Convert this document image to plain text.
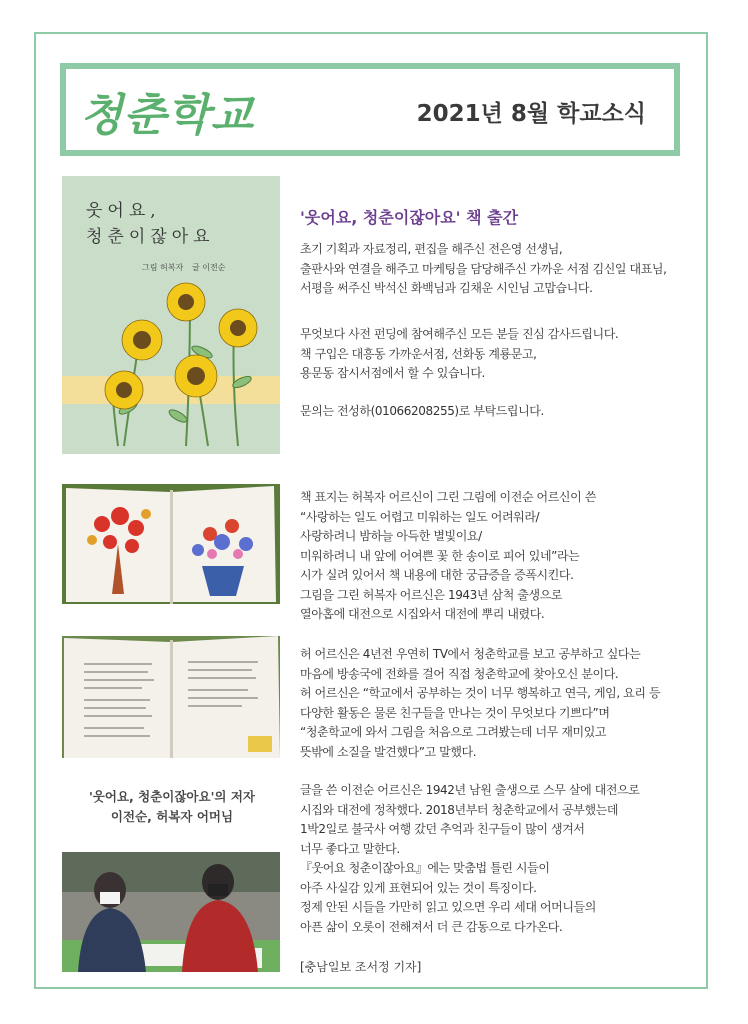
청춘학교	2021년 8월 학교소식
웃어요,
청춘이잖아요
그림 허복자 글 이전순
'웃어요, 청춘이잖아요'의 저자
이전순, 허복자 어머님
'웃어요, 청춘이잖아요' 책 출간
초기 기획과 자료정리, 편집을 해주신 전은영 선생님,
출판사와 연결을 해주고 마케팅을 담당해주신 가까운 서점 김신일 대표님,
서평을 써주신 박석신 화백님과 김채운 시인님 고맙습니다.
무엇보다 사전 펀딩에 참여해주신 모든 분들 진심 감사드립니다.
책 구입은 대흥동 가까운서점, 선화동 계룡문고,
용문동 잠시서점에서 할 수 있습니다.
문의는 전성하(01066208255)로 부탁드립니다.
책 표지는 허복자 어르신이 그린 그림에 이전순 어르신이 쓴
“사랑하는 일도 어렵고 미워하는 일도 어려워라/
사랑하려니 밤하늘 아득한 별빛이요/
미워하려니 내 앞에 어여쁜 꽃 한 송이로 피어 있네”라는
시가 실려 있어서 책 내용에 대한 궁금증을 증폭시킨다.
그림을 그린 허복자 어르신은 1943년 삼척 출생으로
열아홉에 대전으로 시집와서 대전에 뿌리 내렸다.
허 어르신은 4년전 우연히 TV에서 청춘학교를 보고 공부하고 싶다는
마음에 방송국에 전화를 걸어 직접 청춘학교에 찾아오신 분이다.
허 어르신은 “학교에서 공부하는 것이 너무 행복하고 연극, 게임, 요리 등
다양한 활동은 물론 친구들을 만나는 것이 무엇보다 기쁘다”며
“청춘학교에 와서 그림을 처음으로 그려봤는데 너무 재미있고
뜻밖에 소질을 발견했다”고 말했다.
글을 쓴 이전순 어르신은 1942년 남원 출생으로 스무 살에 대전으로
시집와 대전에 정착했다. 2018년부터 청춘학교에서 공부했는데
1박2일로 불국사 여행 갔던 추억과 친구들이 많이 생겨서
너무 좋다고 말한다.
『웃어요 청춘이잖아요』에는 맞춤법 틀린 시들이
아주 사실감 있게 표현되어 있는 것이 특징이다.
정제 안된 시들을 가만히 읽고 있으면 우리 세대 어머니들의
아픈 삶이 오롯이 전해져서 더 큰 감동으로 다가온다.
[충남일보 조서정 기자]
